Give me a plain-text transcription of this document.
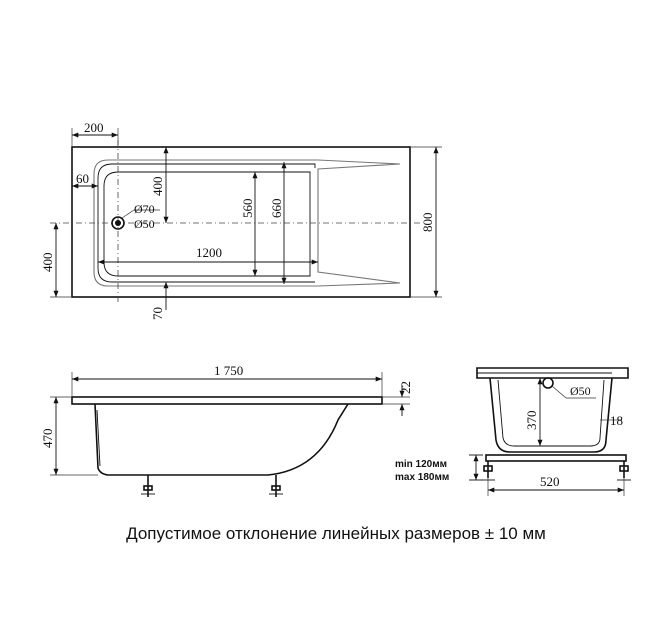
200
60	400
Ø70
Ø50
560 660
1200
800
400
70
1 750
22
470
Ø50
370	18
520
min 120мм
max 180мм
Допустимое отклонение линейных размеров ± 10 мм
